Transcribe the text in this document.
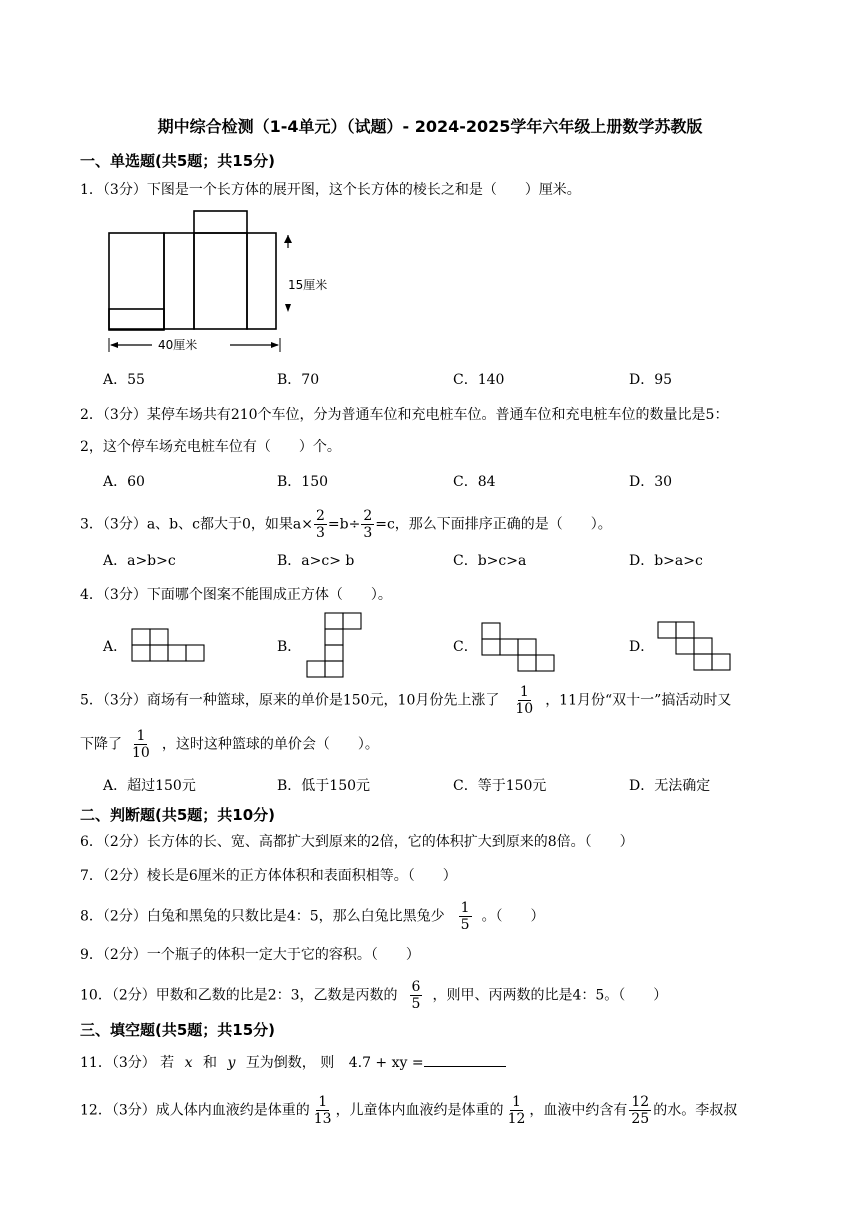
期中综合检测（1-4单元）（试题）- 2024-2025学年六年级上册数学苏教版
一、单选题(共5题；共15分)
1．（3分）下图是一个长方体的展开图，这个长方体的棱长之和是（　　）厘米。
15厘米
40厘米
A．55	B．70	C．140	D．95
2．（3分）某停车场共有210个车位，分为普通车位和充电桩车位。普通车位和充电桩车位的数量比是5：
2，这个停车场充电桩车位有（　　）个。
A．60	B．150	C．84	D．30
3．（3分）a、b、c都大于0，如果$a\times \frac{2}{3} =b\div \frac{2}{3} =c$，那么下面排序正确的是（　　）。
A．a>b>c	B．a>c> b	C．b>c>a	D．b>a>c
4．（3分）下面哪个图案不能围成正方体（　　）。
A．	B．	C．	D．
5．（3分）商场有一种篮球，原来的单价是150元，10月份先上涨了 $\frac{1}{10}$ ，11月份“双十一”搞活动时又
下降了 $\frac{1}{10}$ ，这时这种篮球的单价会（　　）。
A．超过150元	B．低于150元	C．等于150元	D．无法确定
二、判断题(共5题；共10分)
6．（2分）长方体的长、宽、高都扩大到原来的2倍，它的体积扩大到原来的8倍。（　　）
7．（2分）棱长是6厘米的正方体体积和表面积相等。（　　）
8．（2分）白兔和黑兔的只数比是4：5，那么白兔比黑兔少 $\frac{1}{5}$ 。（　　）
9．（2分）一个瓶子的体积一定大于它的容积。（　　）
10．（2分）甲数和乙数的比是2：3，乙数是丙数的 $\frac{6}{5}$ ，则甲、丙两数的比是4：5。（　　）
三、填空题(共5题；共15分)
11．（3分） 若 x 和 y 互为倒数， 则 4.7 + xy =
12．（3分）成人体内血液约是体重的 $\frac{1}{13}$ ，儿童体内血液约是体重的 $\frac{1}{12}$ ，血液中约含有 $\frac{12}{25}$ 的水。李叔叔
